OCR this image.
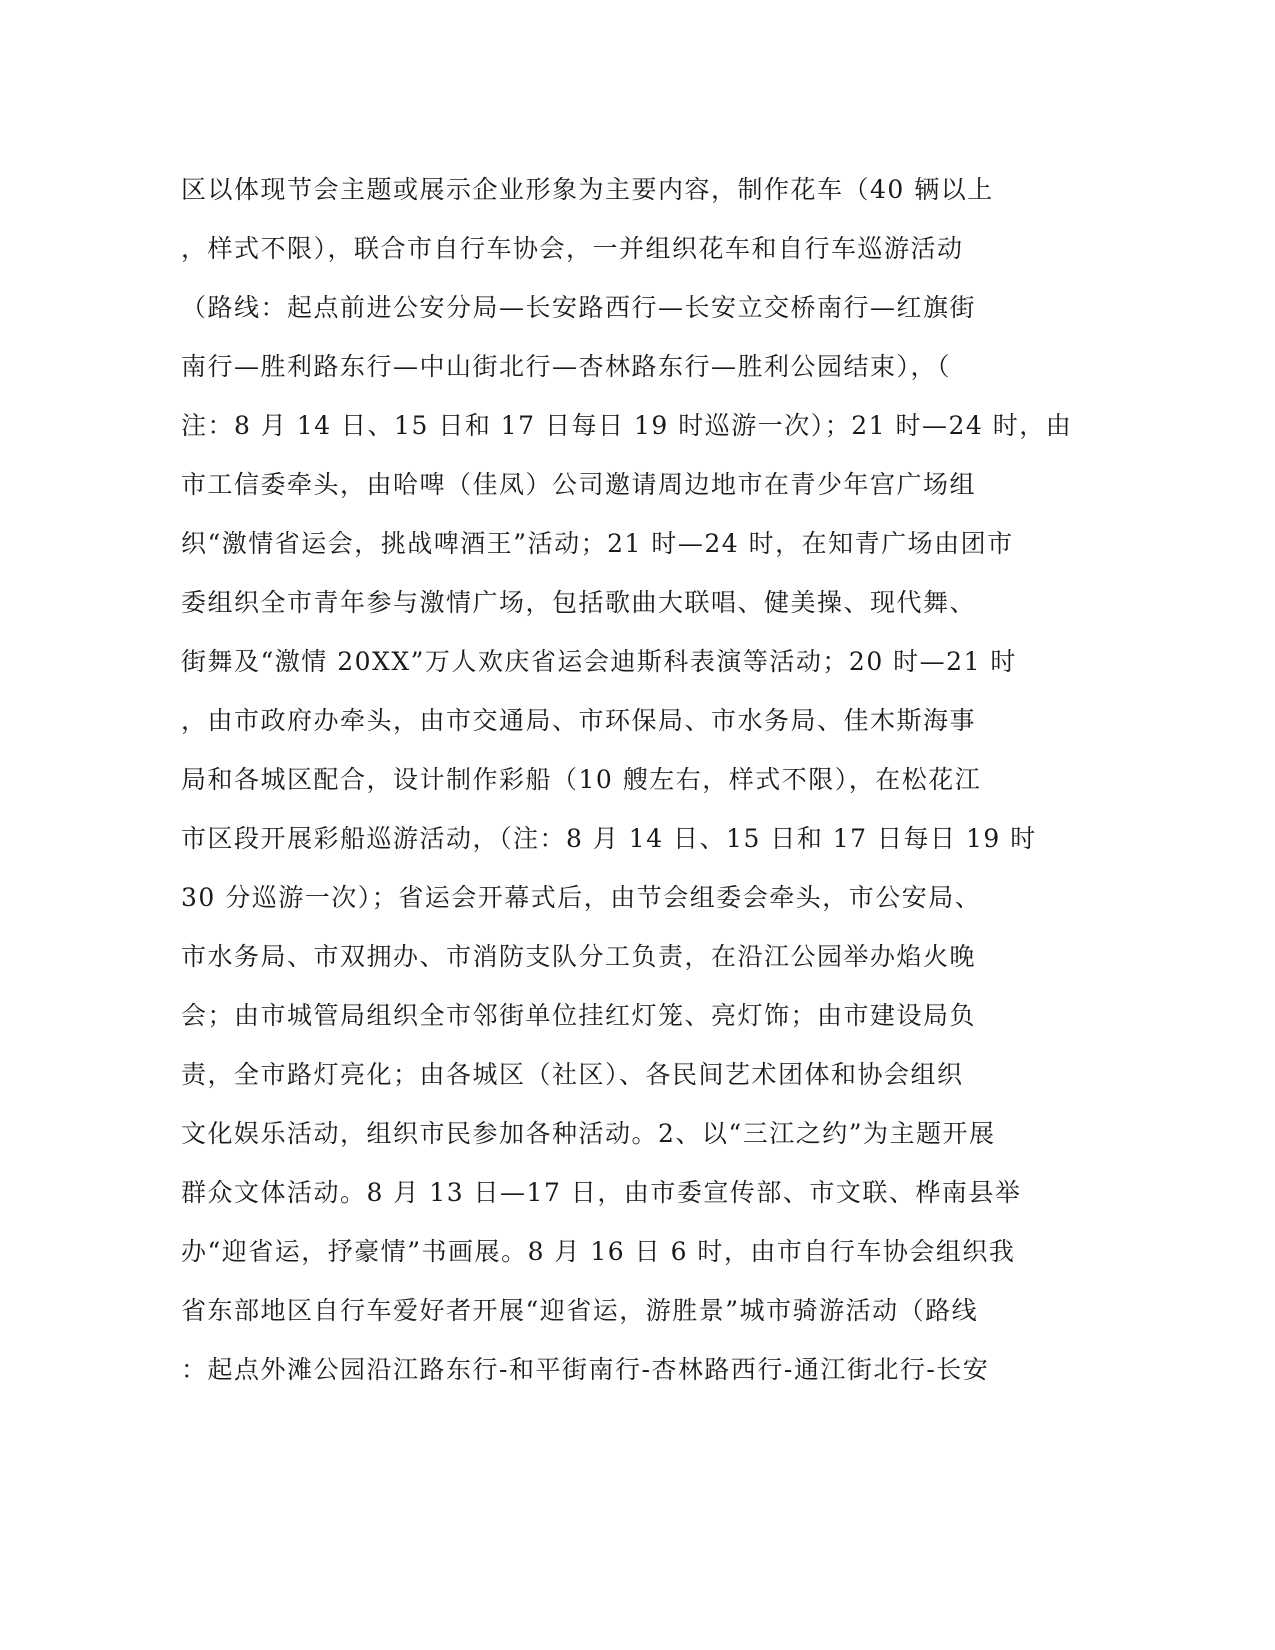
区以体现节会主题或展示企业形象为主要内容，制作花车（40 辆以上
，样式不限），联合市自行车协会，一并组织花车和自行车巡游活动
（路线：起点前进公安分局—长安路西行—长安立交桥南行—红旗街
南行—胜利路东行—中山街北行—杏林路东行—胜利公园结束），（
注：8 月 14 日、15 日和 17 日每日 19 时巡游一次）；21 时—24 时，由
市工信委牵头，由哈啤（佳凤）公司邀请周边地市在青少年宫广场组
织“激情省运会，挑战啤酒王”活动；21 时—24 时，在知青广场由团市
委组织全市青年参与激情广场，包括歌曲大联唱、健美操、现代舞、
街舞及“激情 20XX”万人欢庆省运会迪斯科表演等活动；20 时—21 时
，由市政府办牵头，由市交通局、市环保局、市水务局、佳木斯海事
局和各城区配合，设计制作彩船（10 艘左右，样式不限），在松花江
市区段开展彩船巡游活动，（注：8 月 14 日、15 日和 17 日每日 19 时
30 分巡游一次）；省运会开幕式后，由节会组委会牵头，市公安局、
市水务局、市双拥办、市消防支队分工负责，在沿江公园举办焰火晚
会；由市城管局组织全市邻街单位挂红灯笼、亮灯饰；由市建设局负
责，全市路灯亮化；由各城区（社区）、各民间艺术团体和协会组织
文化娱乐活动，组织市民参加各种活动。2、以“三江之约”为主题开展
群众文体活动。8 月 13 日—17 日，由市委宣传部、市文联、桦南县举
办“迎省运，抒豪情”书画展。8 月 16 日 6 时，由市自行车协会组织我
省东部地区自行车爱好者开展“迎省运，游胜景”城市骑游活动（路线
：起点外滩公园沿江路东行-和平街南行-杏林路西行-通江街北行-长安
